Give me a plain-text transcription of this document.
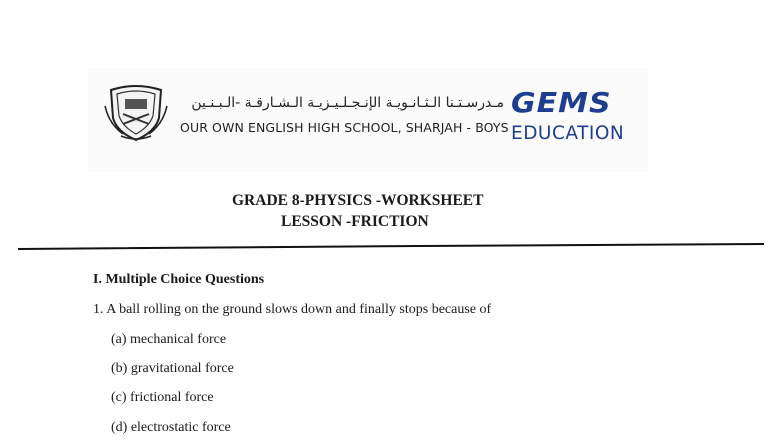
مـدرسـتـنا الـثـانـويـة الإنـجـلـيـزيـة الـشـارقـة -الـبـنـين
OUR OWN ENGLISH HIGH SCHOOL, SHARJAH - BOYS
GEMS
EDUCATION
GRADE 8-PHYSICS -WORKSHEET
LESSON -FRICTION
I. Multiple Choice Questions
1. A ball rolling on the ground slows down and finally stops because of
(a) mechanical force
(b) gravitational force
(c) frictional force
(d) electrostatic force
